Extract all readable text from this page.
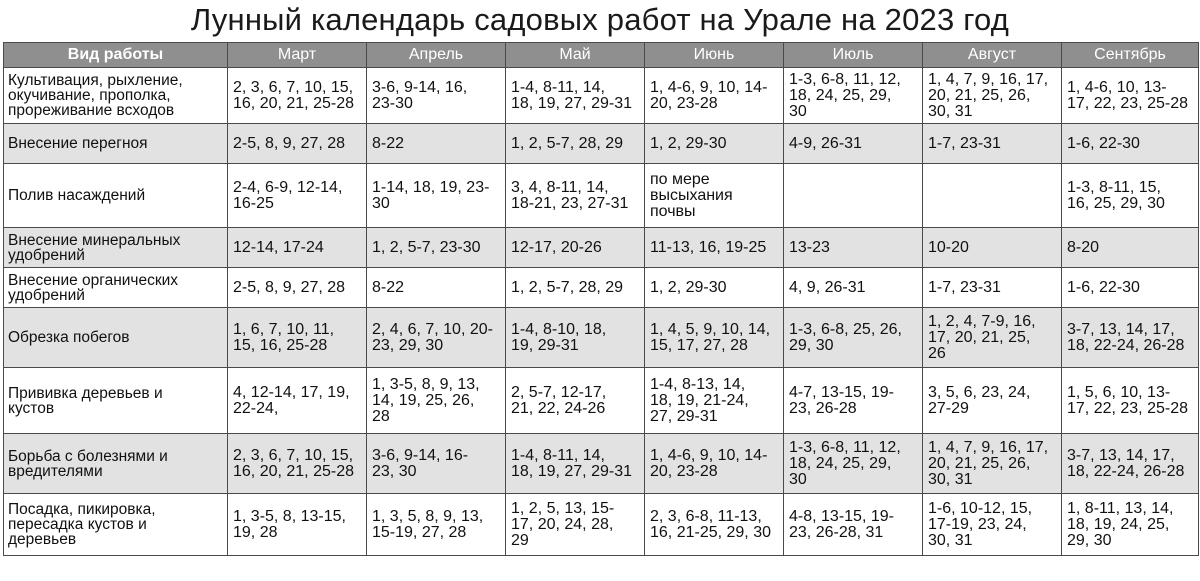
Лунный календарь садовых работ на Урале на 2023 год
Вид работы	Март	Апрель	Май	Июнь	Июль	Август	Сентябрь

Культивация, рыхление,
окучивание, прополка,
прореживание всходов	2, 3, 6, 7, 10, 15,
16, 20, 21, 25-28	3-6, 9-14, 16,
23-30	1-4, 8-11, 14,
18, 19, 27, 29-31	1, 4-6, 9, 10, 14-
20, 23-28	1-3, 6-8, 11, 12,
18, 24, 25, 29,
30	1, 4, 7, 9, 16, 17,
20, 21, 25, 26,
30, 31	1, 4-6, 10, 13-
17, 22, 23, 25-28

Внесение перегноя	2-5, 8, 9, 27, 28	8-22	1, 2, 5-7, 28, 29	1, 2, 29-30	4-9, 26-31	1-7, 23-31	1-6, 22-30

Полив насаждений	2-4, 6-9, 12-14,
16-25	1-14, 18, 19, 23-
30	3, 4, 8-11, 14,
18-21, 23, 27-31	по мере
высыхания
почвы			1-3, 8-11, 15,
16, 25, 29, 30

Внесение минеральных
удобрений	12-14, 17-24	1, 2, 5-7, 23-30	12-17, 20-26	11-13, 16, 19-25	13-23	10-20	8-20

Внесение органических
удобрений	2-5, 8, 9, 27, 28	8-22	1, 2, 5-7, 28, 29	1, 2, 29-30	4, 9, 26-31	1-7, 23-31	1-6, 22-30

Обрезка побегов	1, 6, 7, 10, 11,
15, 16, 25-28	2, 4, 6, 7, 10, 20-
23, 29, 30	1-4, 8-10, 18,
19, 29-31	1, 4, 5, 9, 10, 14,
15, 17, 27, 28	1-3, 6-8, 25, 26,
29, 30	1, 2, 4, 7-9, 16,
17, 20, 21, 25,
26	3-7, 13, 14, 17,
18, 22-24, 26-28

Прививка деревьев и
кустов	4, 12-14, 17, 19,
22-24,	1, 3-5, 8, 9, 13,
14, 19, 25, 26,
28	2, 5-7, 12-17,
21, 22, 24-26	1-4, 8-13, 14,
18, 19, 21-24,
27, 29-31	4-7, 13-15, 19-
23, 26-28	3, 5, 6, 23, 24,
27-29	1, 5, 6, 10, 13-
17, 22, 23, 25-28

Борьба с болезнями и
вредителями	2, 3, 6, 7, 10, 15,
16, 20, 21, 25-28	3-6, 9-14, 16-
23, 30	1-4, 8-11, 14,
18, 19, 27, 29-31	1, 4-6, 9, 10, 14-
20, 23-28	1-3, 6-8, 11, 12,
18, 24, 25, 29,
30	1, 4, 7, 9, 16, 17,
20, 21, 25, 26,
30, 31	3-7, 13, 14, 17,
18, 22-24, 26-28

Посадка, пикировка,
пересадка кустов и
деревьев	1, 3-5, 8, 13-15,
19, 28	1, 3, 5, 8, 9, 13,
15-19, 27, 28	1, 2, 5, 13, 15-
17, 20, 24, 28,
29	2, 3, 6-8, 11-13,
16, 21-25, 29, 30	4-8, 13-15, 19-
23, 26-28, 31	1-6, 10-12, 15,
17-19, 23, 24,
30, 31	1, 8-11, 13, 14,
18, 19, 24, 25,
29, 30
